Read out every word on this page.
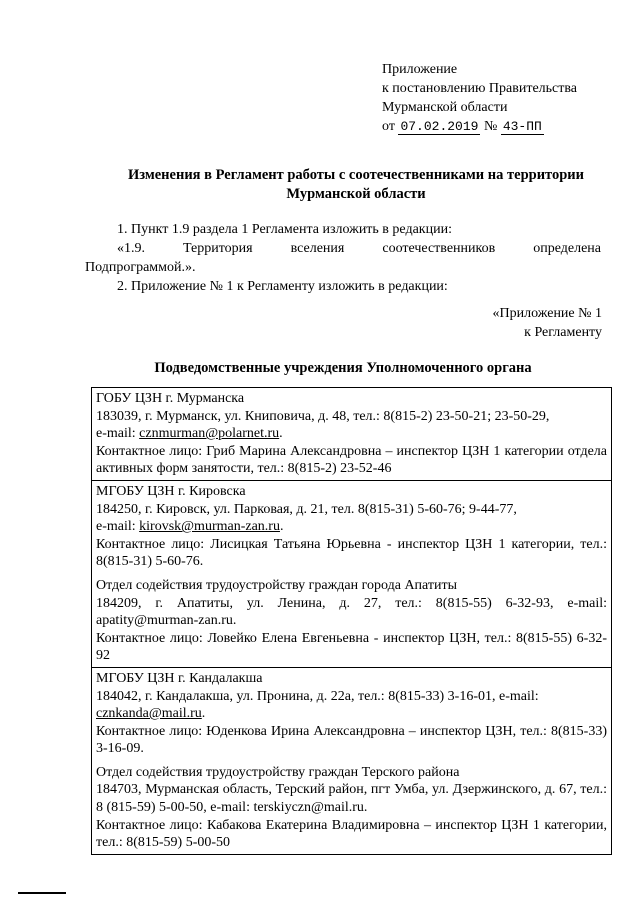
Приложение
к постановлению Правительства
Мурманской области
от 07.02.2019 № 43-ПП
Изменения в Регламент работы с соотечественниками на территории Мурманской области

1. Пункт 1.9 раздела 1 Регламента изложить в редакции:

«1.9.   Территория   вселения   соотечественников   определена

Подпрограммой.».

2. Приложение № 1 к Регламенту изложить в редакции:

«Приложение № 1
к Регламенту
Подведомственные учреждения Уполномоченного органа

ГОБУ ЦЗН г. Мурманска

183039, г. Мурманск, ул. Книповича, д. 48, тел.: 8(815-2) 23-50-21; 23-50-29,

e-mail: cznmurman@polarnet.ru.

Контактное лицо: Гриб Марина Александровна – инспектор ЦЗН 1 категории отдела активных форм занятости, тел.: 8(815-2) 23-52-46

МГОБУ ЦЗН г. Кировска

184250, г. Кировск, ул. Парковая, д. 21, тел. 8(815-31) 5-60-76; 9-44-77,

e-mail: kirovsk@murman-zan.ru.

Контактное лицо: Лисицкая Татьяна Юрьевна - инспектор ЦЗН 1 категории, тел.: 8(815-31) 5-60-76.

Отдел содействия трудоустройству граждан города Апатиты

184209, г. Апатиты, ул. Ленина, д. 27, тел.: 8(815-55) 6-32-93, e-mail: apatity@murman-zan.ru.

Контактное лицо: Ловейко Елена Евгеньевна - инспектор ЦЗН, тел.: 8(815-55) 6-32-92

МГОБУ ЦЗН г. Кандалакша

184042, г. Кандалакша, ул. Пронина, д. 22а, тел.: 8(815-33) 3-16-01, e-mail:

cznkanda@mail.ru.

Контактное лицо: Юденкова Ирина Александровна – инспектор ЦЗН, тел.: 8(815-33) 3-16-09.

Отдел содействия трудоустройству граждан Терского района

184703, Мурманская область, Терский район, пгт Умба, ул. Дзержинского, д. 67, тел.: 8 (815-59) 5-00-50, e-mail: terskiyczn@mail.ru.

Контактное лицо: Кабакова Екатерина Владимировна – инспектор ЦЗН 1 категории, тел.: 8(815-59) 5-00-50
